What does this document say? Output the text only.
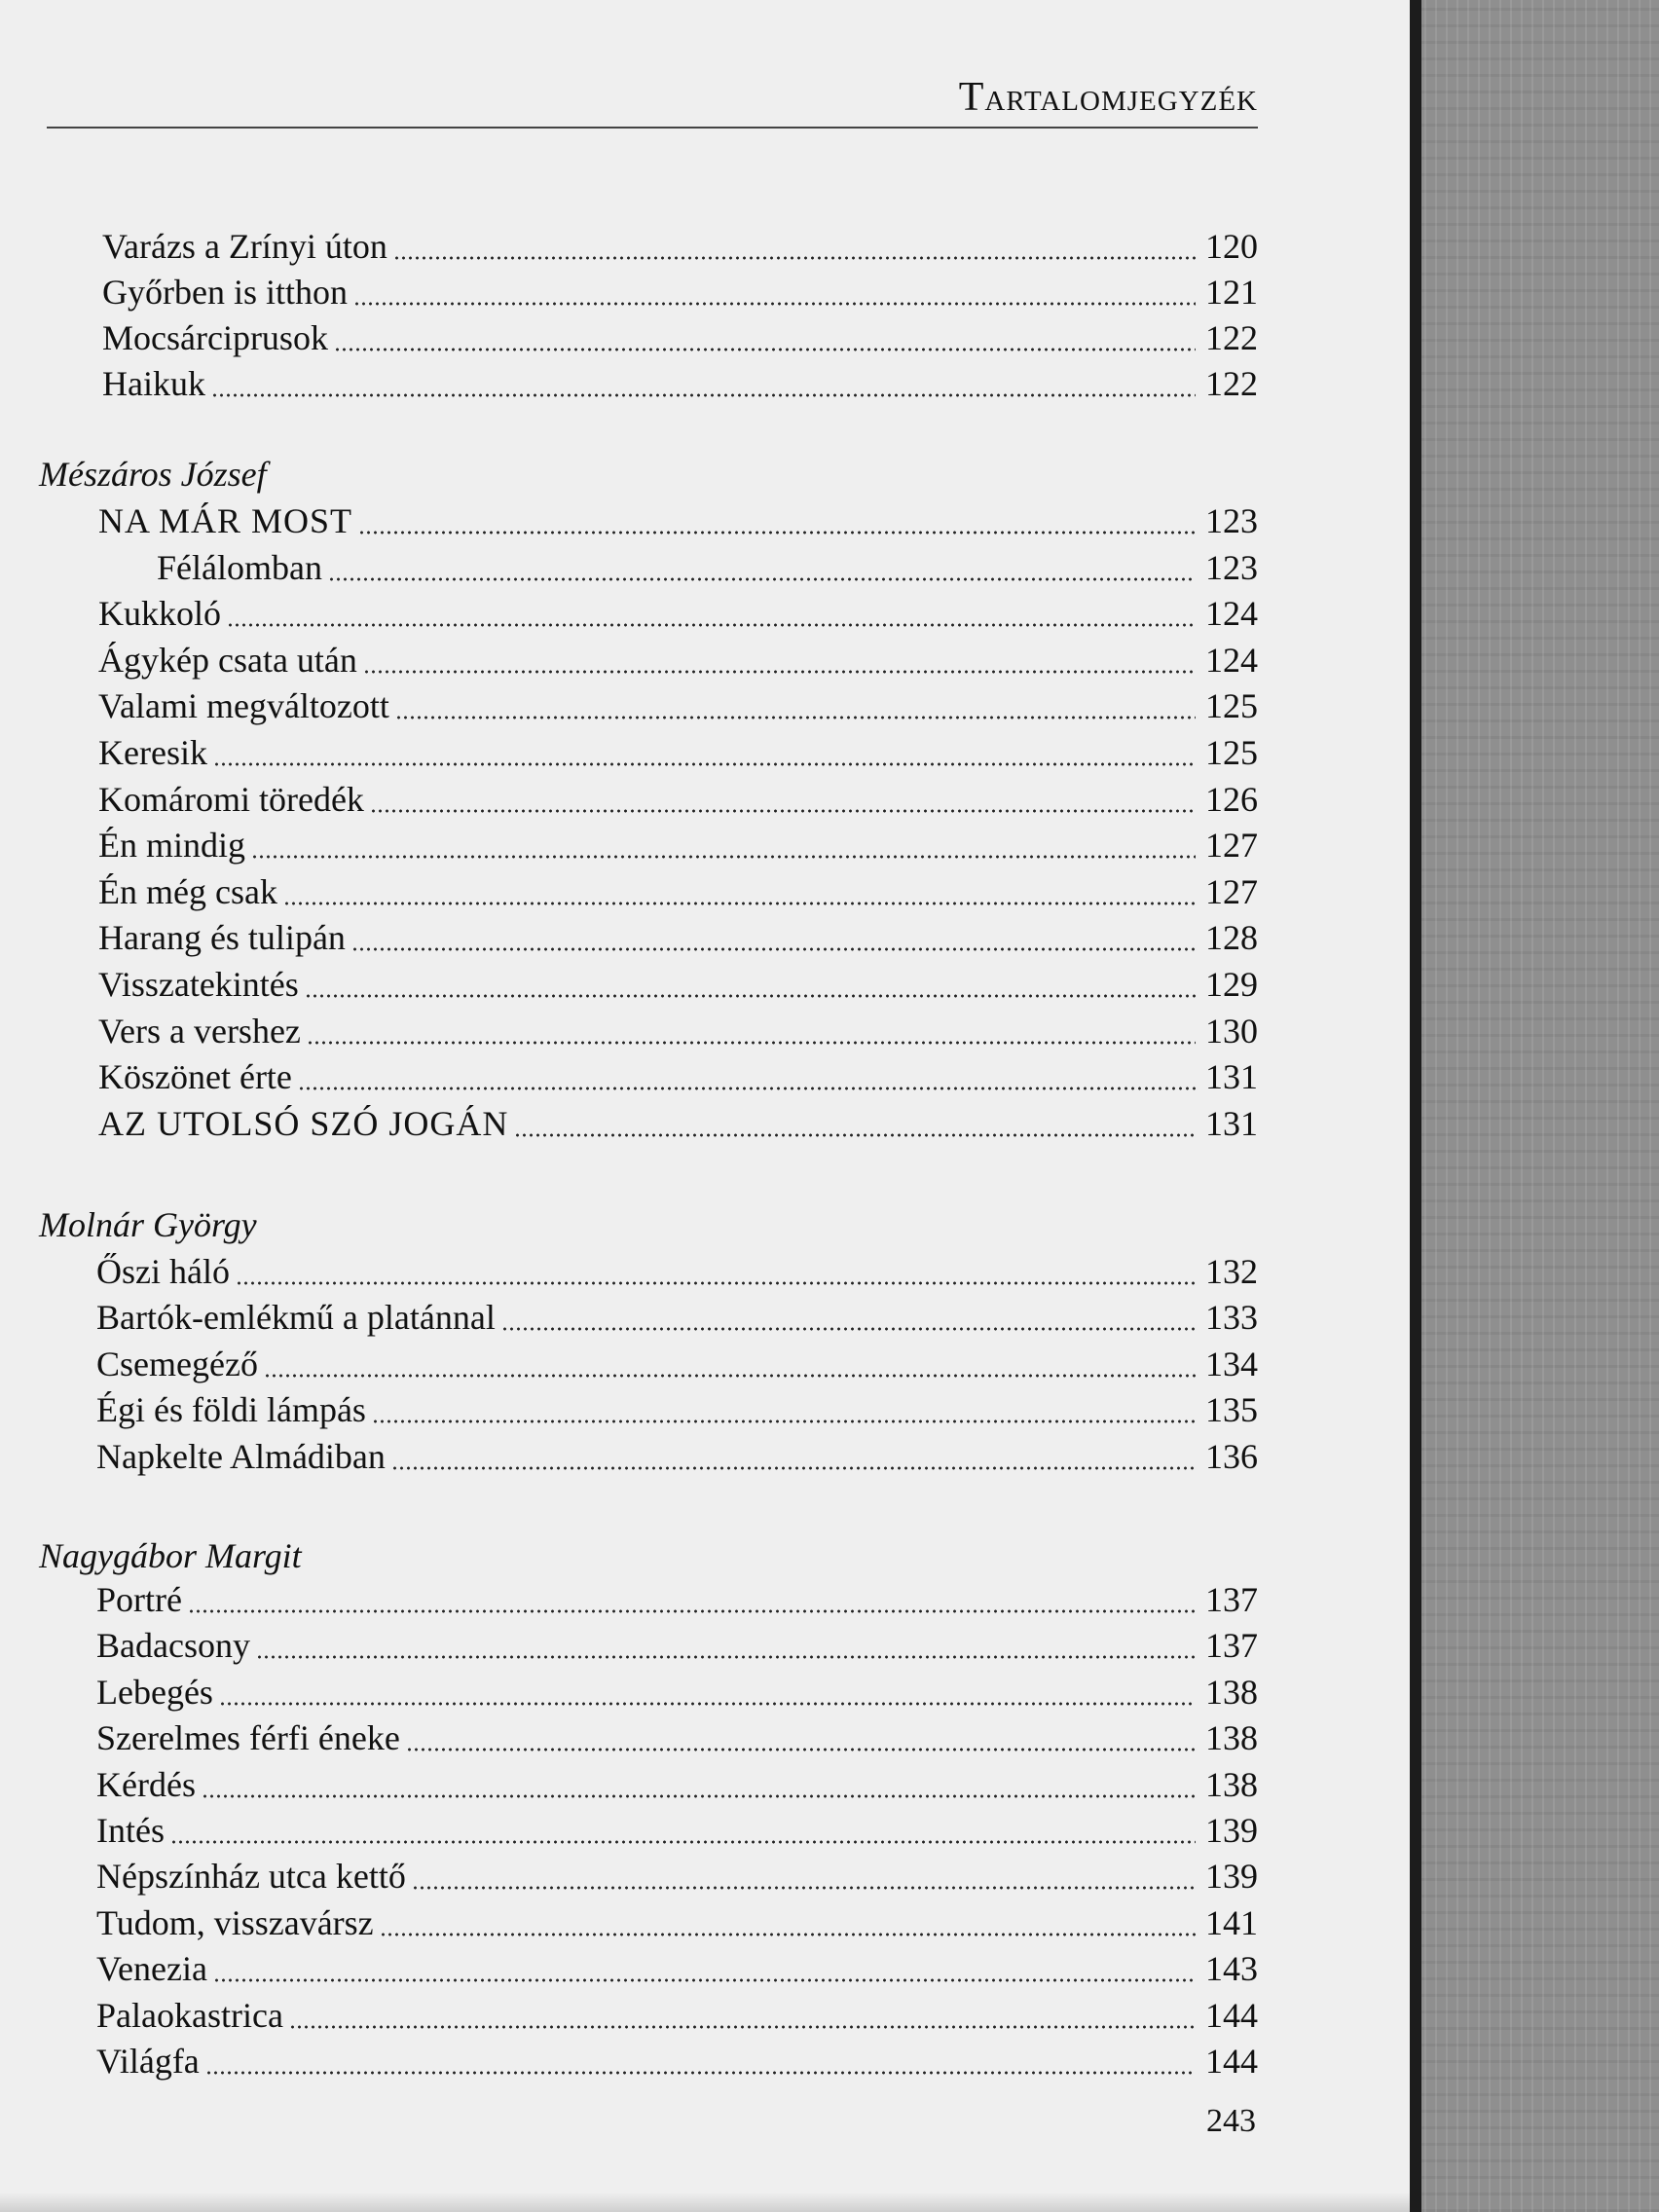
Tartalomjegyzék
Varázs a Zrínyi úton	120
Győrben is itthon	121
Mocsárciprusok	122
Haikuk	122
Mészáros József
NA MÁR MOST	123
Félálomban	123
Kukkoló	124
Ágykép csata után	124
Valami megváltozott	125
Keresik	125
Komáromi töredék	126
Én mindig	127
Én még csak	127
Harang és tulipán	128
Visszatekintés	129
Vers a vershez	130
Köszönet érte	131
AZ UTOLSÓ SZÓ JOGÁN	131
Molnár György
Őszi háló	132
Bartók-emlékmű a platánnal	133
Csemegéző	134
Égi és földi lámpás	135
Napkelte Almádiban	136
Nagygábor Margit
Portré	137
Badacsony	137
Lebegés	138
Szerelmes férfi éneke	138
Kérdés	138
Intés	139
Népszínház utca kettő	139
Tudom, visszavársz	141
Venezia	143
Palaokastrica	144
Világfa	144
243
